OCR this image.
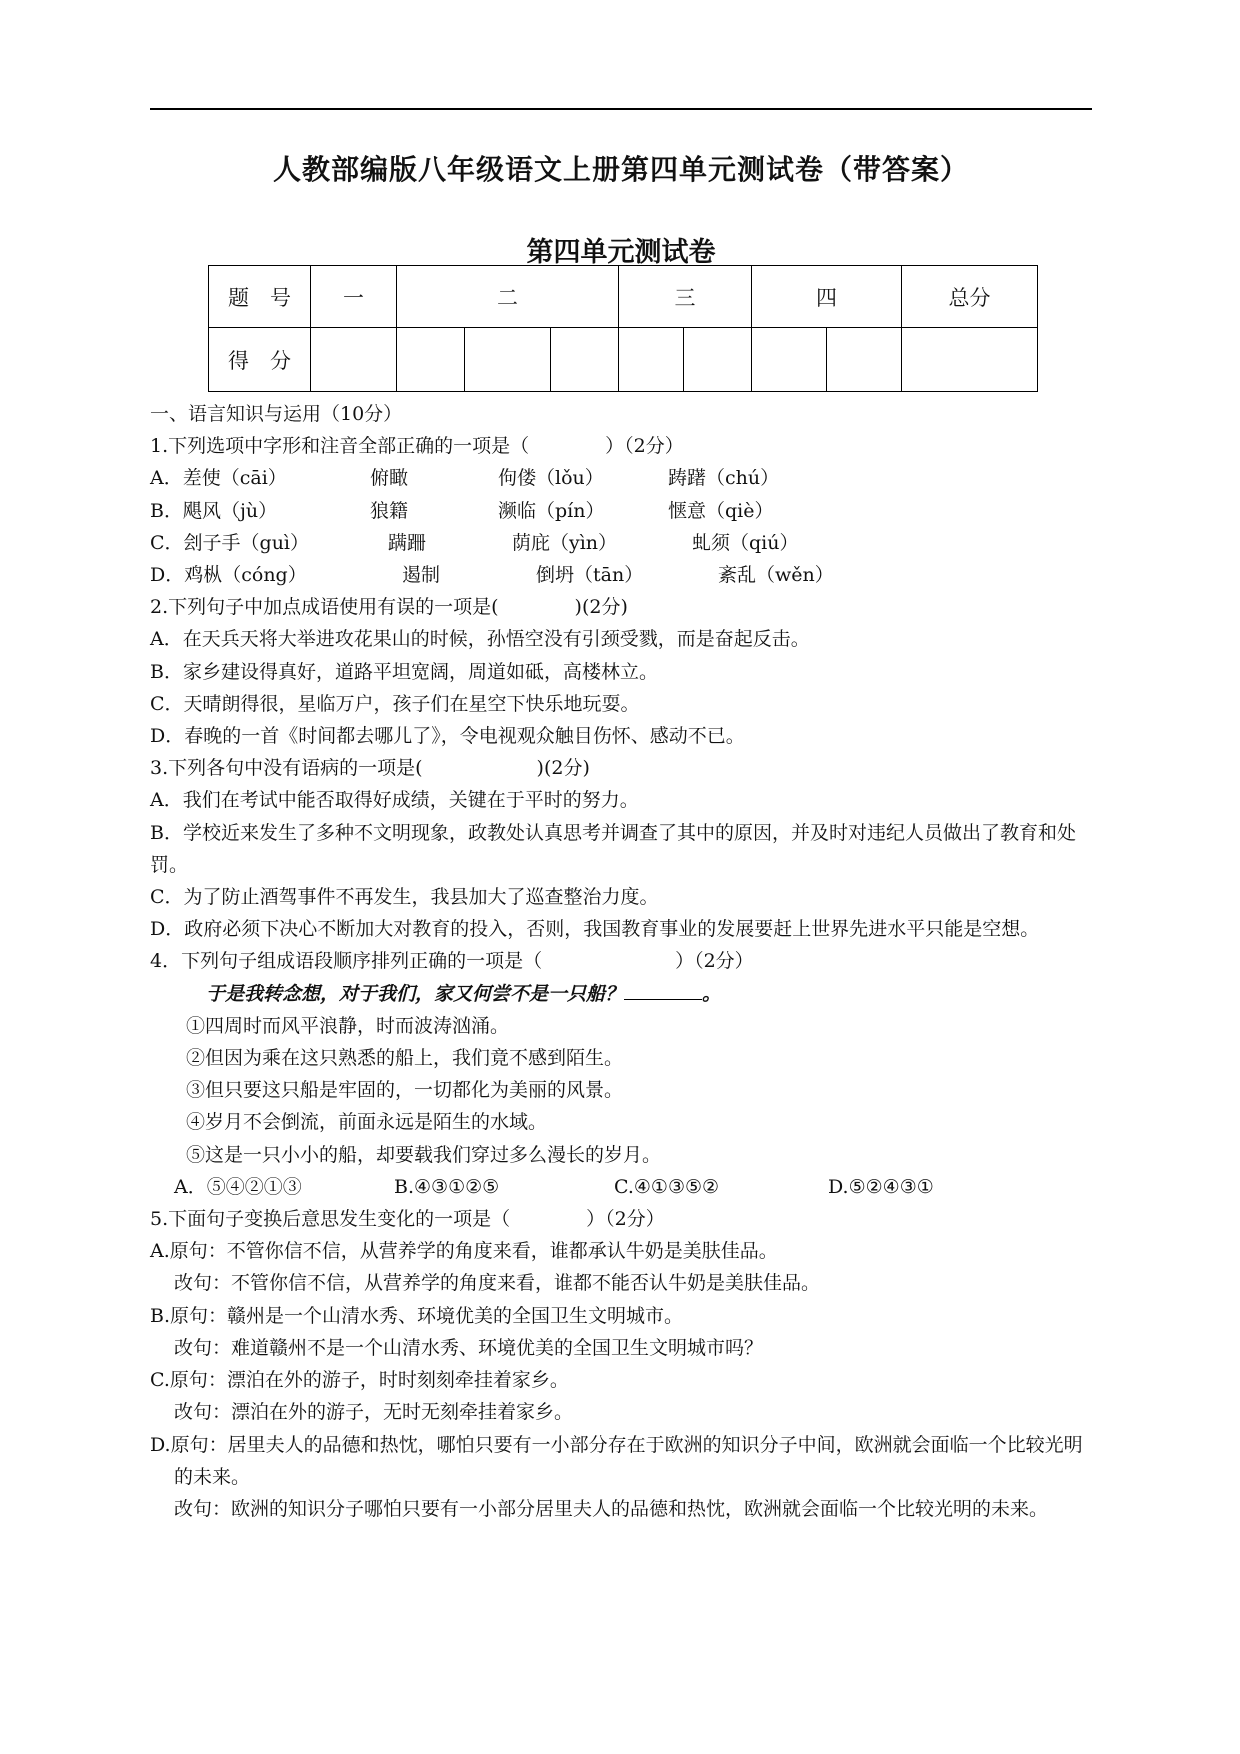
人教部编版八年级语文上册第四单元测试卷（带答案）
第四单元测试卷
题　号	一	二			三		四		总分
得　分									
一、语言知识与运用（10分）
1.下列选项中字形和注音全部正确的一项是（　　　　）（2分）
A．差使（cāi）	俯瞰	佝偻（lǒu）	踌躇（chú）
B．飓风（jù）	狼籍	濒临（pín）	惬意（qiè）
C．刽子手（guì）	蹒跚	荫庇（yìn）	虬须（qiú）
D．鸡枞（cóng）	遏制	倒坍（tān）	紊乱（wěn）
2.下列句子中加点成语使用有误的一项是(　　　　)(2分)
A．在天兵天将大举进攻花果山的时候，孙悟空没有引颈受戮，而是奋起反击。
B．家乡建设得真好，道路平坦宽阔，周道如砥，高楼林立。
C．天晴朗得很，星临万户，孩子们在星空下快乐地玩耍。
D．春晚的一首《时间都去哪儿了》，令电视观众触目伤怀、感动不已。
3.下列各句中没有语病的一项是(　　　　　　)(2分)
A．我们在考试中能否取得好成绩，关键在于平时的努力。
B．学校近来发生了多种不文明现象，政教处认真思考并调查了其中的原因，并及时对违纪人员做出了教育和处罚。
C．为了防止酒驾事件不再发生，我县加大了巡查整治力度。
D．政府必须下决心不断加大对教育的投入，否则，我国教育事业的发展要赶上世界先进水平只能是空想。
4．下列句子组成语段顺序排列正确的一项是（　　　　　　　）（2分）
于是我转念想，对于我们，家又何尝不是一只船？	。
①四周时而风平浪静，时而波涛汹涌。
②但因为乘在这只熟悉的船上，我们竟不感到陌生。
③但只要这只船是牢固的，一切都化为美丽的风景。
④岁月不会倒流，前面永远是陌生的水域。
⑤这是一只小小的船，却要载我们穿过多么漫长的岁月。
A．⑤④②①③	B.④③①②⑤	C.④①③⑤②	D.⑤②④③①
5.下面句子变换后意思发生变化的一项是（　　　　）（2分）
A.原句：不管你信不信，从营养学的角度来看，谁都承认牛奶是美肤佳品。
改句：不管你信不信，从营养学的角度来看，谁都不能否认牛奶是美肤佳品。
B.原句：赣州是一个山清水秀、环境优美的全国卫生文明城市。
改句：难道赣州不是一个山清水秀、环境优美的全国卫生文明城市吗？
C.原句：漂泊在外的游子，时时刻刻牵挂着家乡。
改句：漂泊在外的游子，无时无刻牵挂着家乡。
D.原句：居里夫人的品德和热忱，哪怕只要有一小部分存在于欧洲的知识分子中间，欧洲就会面临一个比较光明的未来。
改句：欧洲的知识分子哪怕只要有一小部分居里夫人的品德和热忱，欧洲就会面临一个比较光明的未来。
